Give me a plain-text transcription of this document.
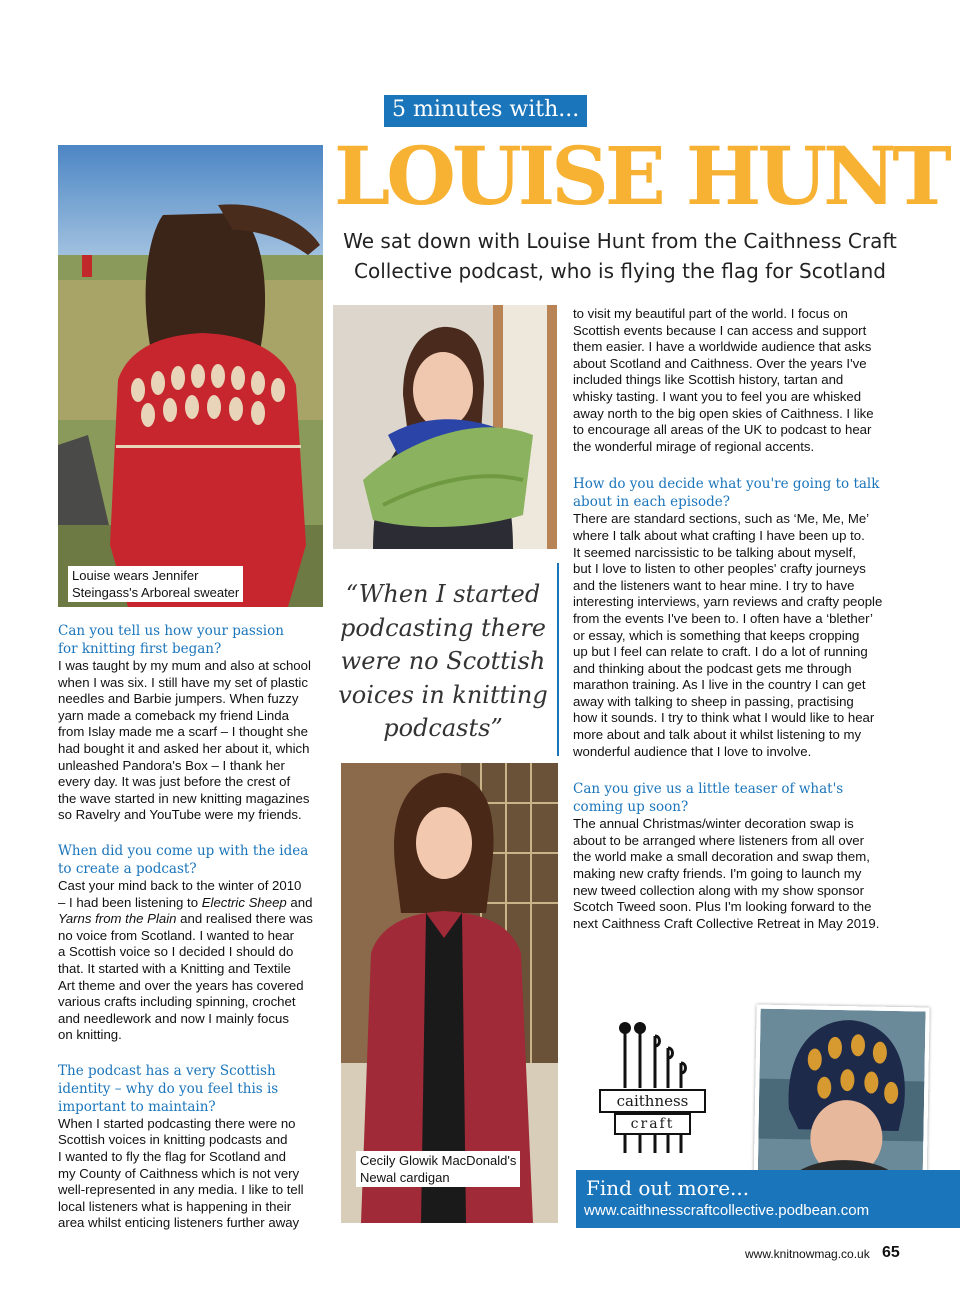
5 minutes with...
LOUISE HUNT
We sat down with Louise Hunt from the Caithness Craft Collective podcast, who is flying the flag for Scotland
Louise wears Jennifer
Steingass's Arboreal sweater	“When I started
podcasting there
were no Scottish
voices in knitting
podcasts”
Cecily Glowik MacDonald's
Newal cardigan

Can you tell us how your passion
for knitting first began?

I was taught by my mum and also at school
when I was six. I still have my set of plastic
needles and Barbie jumpers. When fuzzy
yarn made a comeback my friend Linda
from Islay made me a scarf – I thought she
had bought it and asked her about it, which
unleashed Pandora's Box – I thank her
every day. It was just before the crest of
the wave started in new knitting magazines
so Ravelry and YouTube were my friends.

When did you come up with the idea
to create a podcast?

Cast your mind back to the winter of 2010
– I had been listening to Electric Sheep and
Yarns from the Plain and realised there was
no voice from Scotland. I wanted to hear
a Scottish voice so I decided I should do
that. It started with a Knitting and Textile
Art theme and over the years has covered
various crafts including spinning, crochet
and needlework and now I mainly focus
on knitting.

The podcast has a very Scottish
identity – why do you feel this is
important to maintain?

When I started podcasting there were no
Scottish voices in knitting podcasts and
I wanted to fly the flag for Scotland and
my County of Caithness which is not very
well-represented in any media. I like to tell
local listeners what is happening in their
area whilst enticing listeners further away

to visit my beautiful part of the world. I focus on
Scottish events because I can access and support
them easier. I have a worldwide audience that asks
about Scotland and Caithness. Over the years I've
included things like Scottish history, tartan and
whisky tasting. I want you to feel you are whisked
away north to the big open skies of Caithness. I like
to encourage all areas of the UK to podcast to hear
the wonderful mirage of regional accents.

How do you decide what you're going to talk
about in each episode?

There are standard sections, such as ‘Me, Me, Me’
where I talk about what crafting I have been up to.
It seemed narcissistic to be talking about myself,
but I love to listen to other peoples' crafty journeys
and the listeners want to hear mine. I try to have
interesting interviews, yarn reviews and crafty people
from the events I've been to. I often have a ‘blether’
or essay, which is something that keeps cropping
up but I feel can relate to craft. I do a lot of running
and thinking about the podcast gets me through
marathon training. As I live in the country I can get
away with talking to sheep in passing, practising
how it sounds. I try to think what I would like to hear
more about and talk about it whilst listening to my
wonderful audience that I love to involve.

Can you give us a little teaser of what's
coming up soon?

The annual Christmas/winter decoration swap is
about to be arranged where listeners from all over
the world make a small decoration and swap them,
making new crafty friends. I'm going to launch my
new tweed collection along with my show sponsor
Scotch Tweed soon. Plus I'm looking forward to the
next Caithness Craft Collective Retreat in May 2019.

caithness
craft
Find out more...
www.caithnesscraftcollective.podbean.com
www.knitnowmag.co.uk 65
